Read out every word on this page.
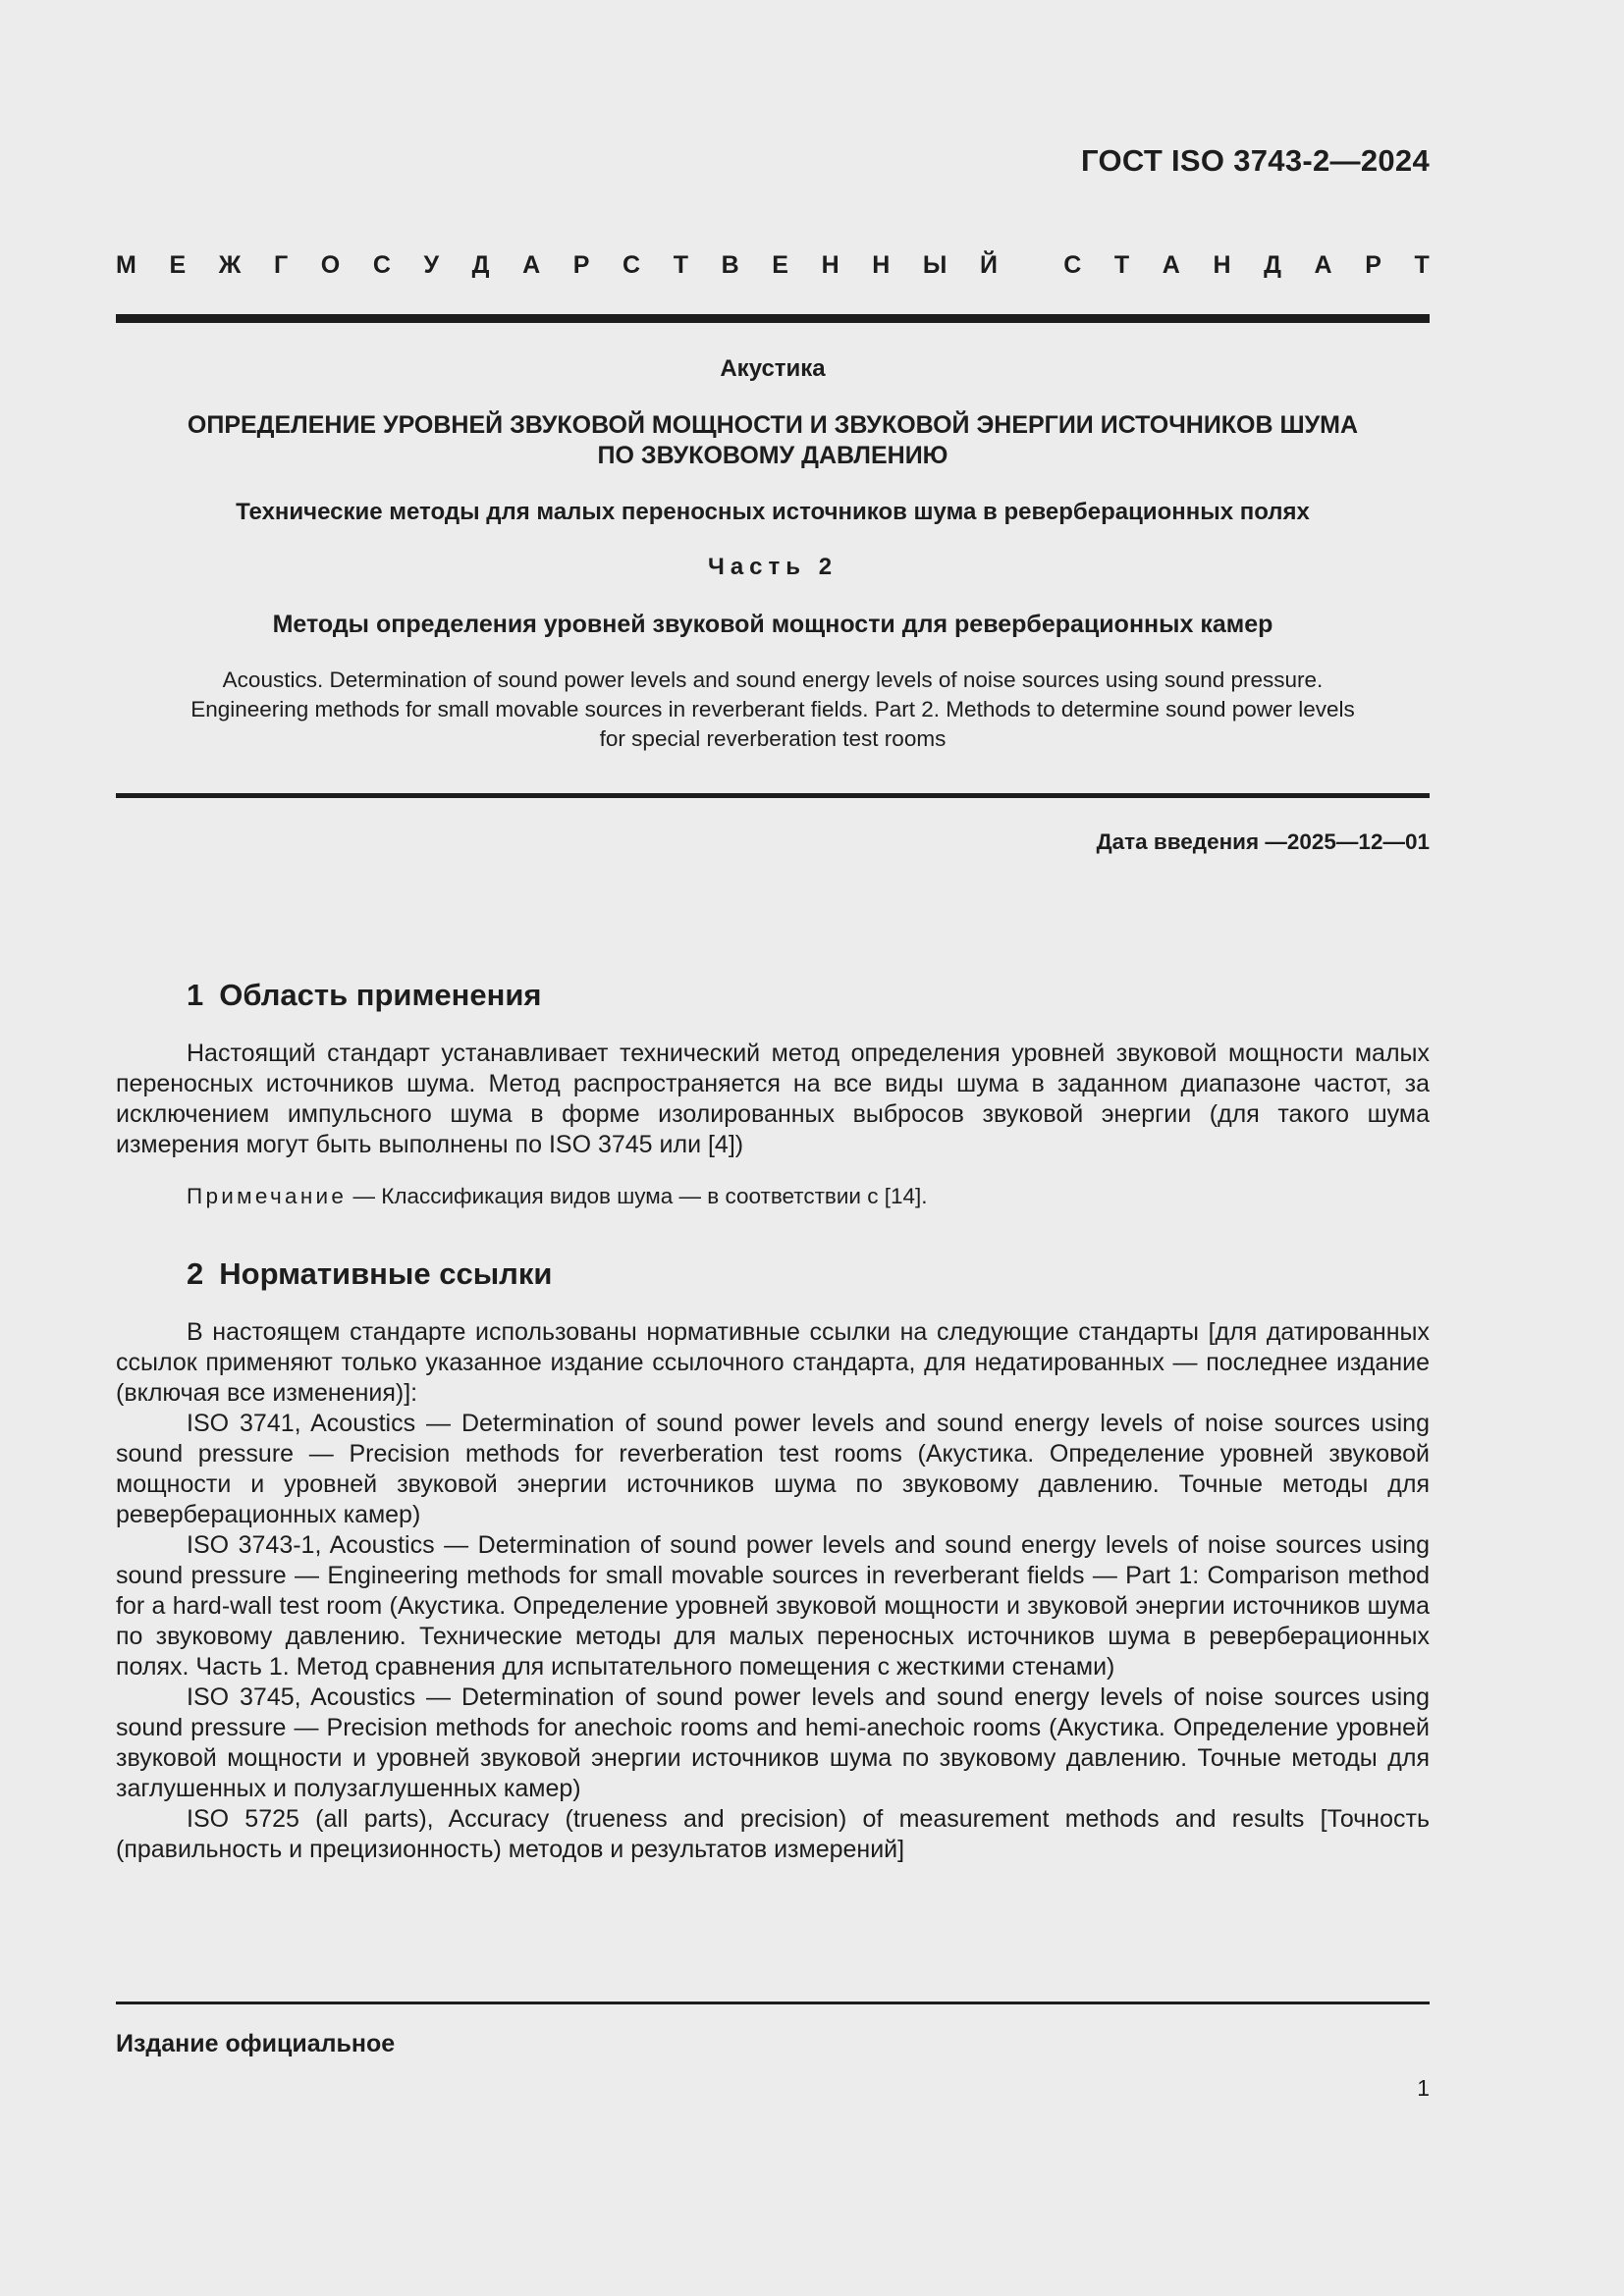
ГОСТ ISO 3743-2—2024
М Е Ж Г О С У Д А Р С Т В Е Н Н Ы Й	С Т А Н Д А Р Т
Акустика
ОПРЕДЕЛЕНИЕ УРОВНЕЙ ЗВУКОВОЙ МОЩНОСТИ И ЗВУКОВОЙ ЭНЕРГИИ ИСТОЧНИКОВ ШУМА
ПО ЗВУКОВОМУ ДАВЛЕНИЮ
Технические методы для малых переносных источников шума в реверберационных полях
Часть 2
Методы определения уровней звуковой мощности для реверберационных камер
Acoustics. Determination of sound power levels and sound energy levels of noise sources using sound pressure.
Engineering methods for small movable sources in reverberant fields. Part 2. Methods to determine sound power levels
for special reverberation test rooms
Дата введения —2025—12—01
1 Область применения

Настоящий стандарт устанавливает технический метод определения уровней звуковой мощности малых переносных источников шума. Метод распространяется на все виды шума в заданном диапазоне частот, за исключением импульсного шума в форме изолированных выбросов звуковой энергии (для такого шума измерения могут быть выполнены по ISO 3745 или [4])

Примечание — Классификация видов шума — в соответствии с [14].
2 Нормативные ссылки

В настоящем стандарте использованы нормативные ссылки на следующие стандарты [для датированных ссылок применяют только указанное издание ссылочного стандарта, для недатированных — последнее издание (включая все изменения)]:

ISO 3741, Acoustics — Determination of sound power levels and sound energy levels of noise sources using sound pressure — Precision methods for reverberation test rooms (Акустика. Определение уровней звуковой мощности и уровней звуковой энергии источников шума по звуковому давлению. Точные методы для реверберационных камер)

ISO 3743-1, Acoustics — Determination of sound power levels and sound energy levels of noise sources using sound pressure — Engineering methods for small movable sources in reverberant fields — Part 1: Comparison method for a hard-wall test room (Акустика. Определение уровней звуковой мощности и звуковой энергии источников шума по звуковому давлению. Технические методы для малых переносных источников шума в реверберационных полях. Часть 1. Метод сравнения для испытательного помещения с жесткими стенами)

ISO 3745, Acoustics — Determination of sound power levels and sound energy levels of noise sources using sound pressure — Precision methods for anechoic rooms and hemi-anechoic rooms (Акустика. Определение уровней звуковой мощности и уровней звуковой энергии источников шума по звуковому давлению. Точные методы для заглушенных и полузаглушенных камер)

ISO 5725 (all parts), Accuracy (trueness and precision) of measurement methods and results [Точность (правильность и прецизионность) методов и результатов измерений]

Издание официальное
1
